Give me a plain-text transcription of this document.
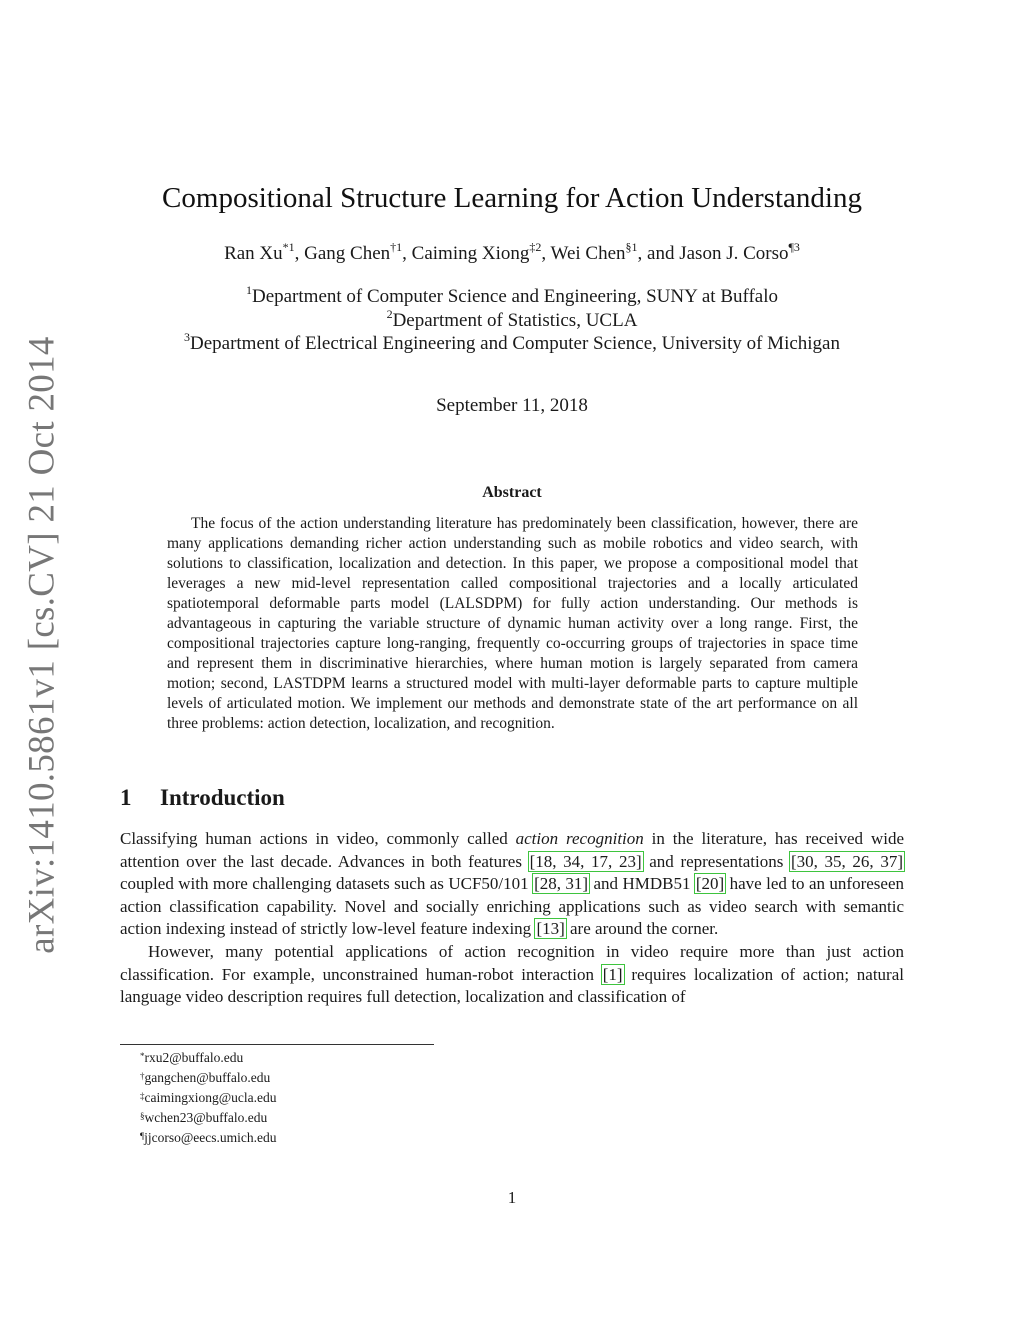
arXiv:1410.5861v1 [cs.CV] 21 Oct 2014
Compositional Structure Learning for Action Understanding
Ran Xu$^{*1}$, Gang Chen$^{\dagger 1}$, Caiming Xiong$^{\ddagger 2}$, Wei Chen$^{\S 1}$, and Jason J. Corso$^{\P 3}$
$^1$Department of Computer Science and Engineering, SUNY at Buffalo
$^2$Department of Statistics, UCLA
$^3$Department of Electrical Engineering and Computer Science, University of Michigan
September 11, 2018
Abstract

The focus of the action understanding literature has predominately been classification, however, there are many applications demanding richer action understanding such as mobile robotics and video search, with solutions to classification, localization and detection. In this paper, we propose a compositional model that leverages a new mid-level representation called compositional trajectories and a locally articulated spatiotemporal deformable parts model (LALSDPM) for fully action understanding. Our methods is advantageous in capturing the variable structure of dynamic human activity over a long range. First, the compositional trajectories capture long-ranging, frequently co-occurring groups of trajectories in space time and represent them in discriminative hierarchies, where human motion is largely separated from camera motion; second, LASTDPM learns a structured model with multi-layer deformable parts to capture multiple levels of articulated motion. We implement our methods and demonstrate state of the art performance on all three problems: action detection, localization, and recognition.

1 Introduction

Classifying human actions in video, commonly called action recognition in the literature, has received wide attention over the last decade. Advances in both features [18, 34, 17, 23] and representations [30, 35, 26, 37] coupled with more challenging datasets such as UCF50/101 [28, 31] and HMDB51 [20] have led to an unforeseen action classification capability. Novel and socially enriching applications such as video search with semantic action indexing instead of strictly low-level feature indexing [13] are around the corner.

However, many potential applications of action recognition in video require more than just action classification. For example, unconstrained human-robot interaction [1] requires localization of action; natural language video description requires full detection, localization and classification of

*rxu2@buffalo.edu
†gangchen@buffalo.edu
‡caimingxiong@ucla.edu
§wchen23@buffalo.edu
¶jjcorso@eecs.umich.edu
1
